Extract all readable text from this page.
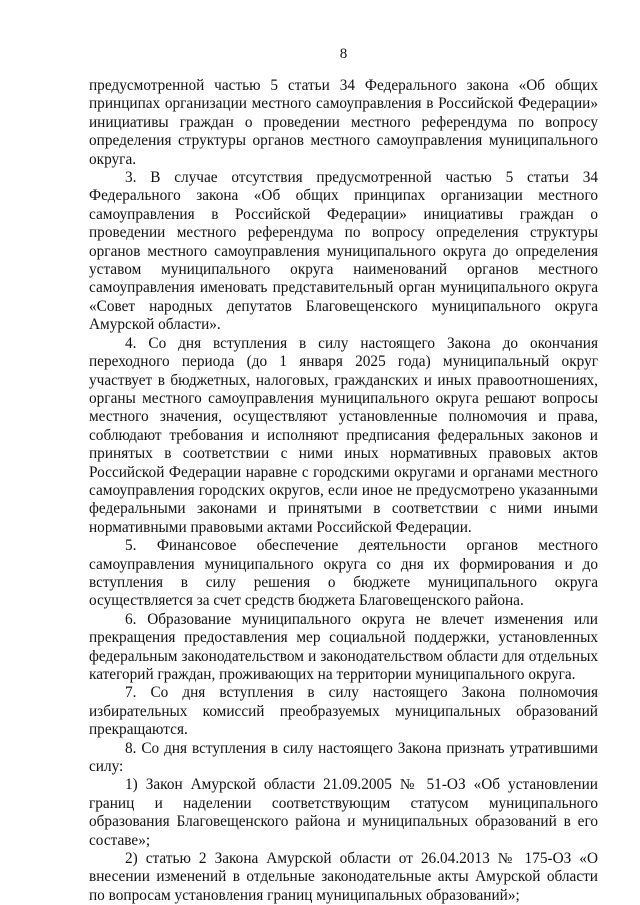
8

предусмотренной частью 5 статьи 34 Федерального закона «Об общих принципах организации местного самоуправления в Российской Федерации» инициативы граждан о проведении местного референдума по вопросу определения структуры органов местного самоуправления муниципального округа.

3. В случае отсутствия предусмотренной частью 5 статьи 34 Федерального закона «Об общих принципах организации местного самоуправления в Российской Федерации» инициативы граждан о проведении местного референдума по вопросу определения структуры органов местного самоуправления муниципального округа до определения уставом муниципального округа наименований органов местного самоуправления именовать представительный орган муниципального округа «Совет народных депутатов Благовещенского муниципального округа Амурской области».

4. Со дня вступления в силу настоящего Закона до окончания переходного периода (до 1 января 2025 года) муниципальный округ участвует в бюджетных, налоговых, гражданских и иных правоотношениях, органы местного самоуправления муниципального округа решают вопросы местного значения, осуществляют установленные полномочия и права, соблюдают требования и исполняют предписания федеральных законов и принятых в соответствии с ними иных нормативных правовых актов Российской Федерации наравне с городскими округами и органами местного самоуправления городских округов, если иное не предусмотрено указанными федеральными законами и принятыми в соответствии с ними иными нормативными правовыми актами Российской Федерации.

5. Финансовое обеспечение деятельности органов местного самоуправления муниципального округа со дня их формирования и до вступления в силу решения о бюджете муниципального округа осуществляется за счет средств бюджета Благовещенского района.

6. Образование муниципального округа не влечет изменения или прекращения предоставления мер социальной поддержки, установленных федеральным законодательством и законодательством области для отдельных категорий граждан, проживающих на территории муниципального округа.

7. Со дня вступления в силу настоящего Закона полномочия избирательных комиссий преобразуемых муниципальных образований прекращаются.

8. Со дня вступления в силу настоящего Закона признать утратившими силу:

1) Закон Амурской области 21.09.2005 № 51-ОЗ «Об установлении границ и наделении соответствующим статусом муниципального образования Благовещенского района и муниципальных образований в его составе»;

2) статью 2 Закона Амурской области от 26.04.2013 № 175-ОЗ «О внесении изменений в отдельные законодательные акты Амурской области по вопросам установления границ муниципальных образований»;
